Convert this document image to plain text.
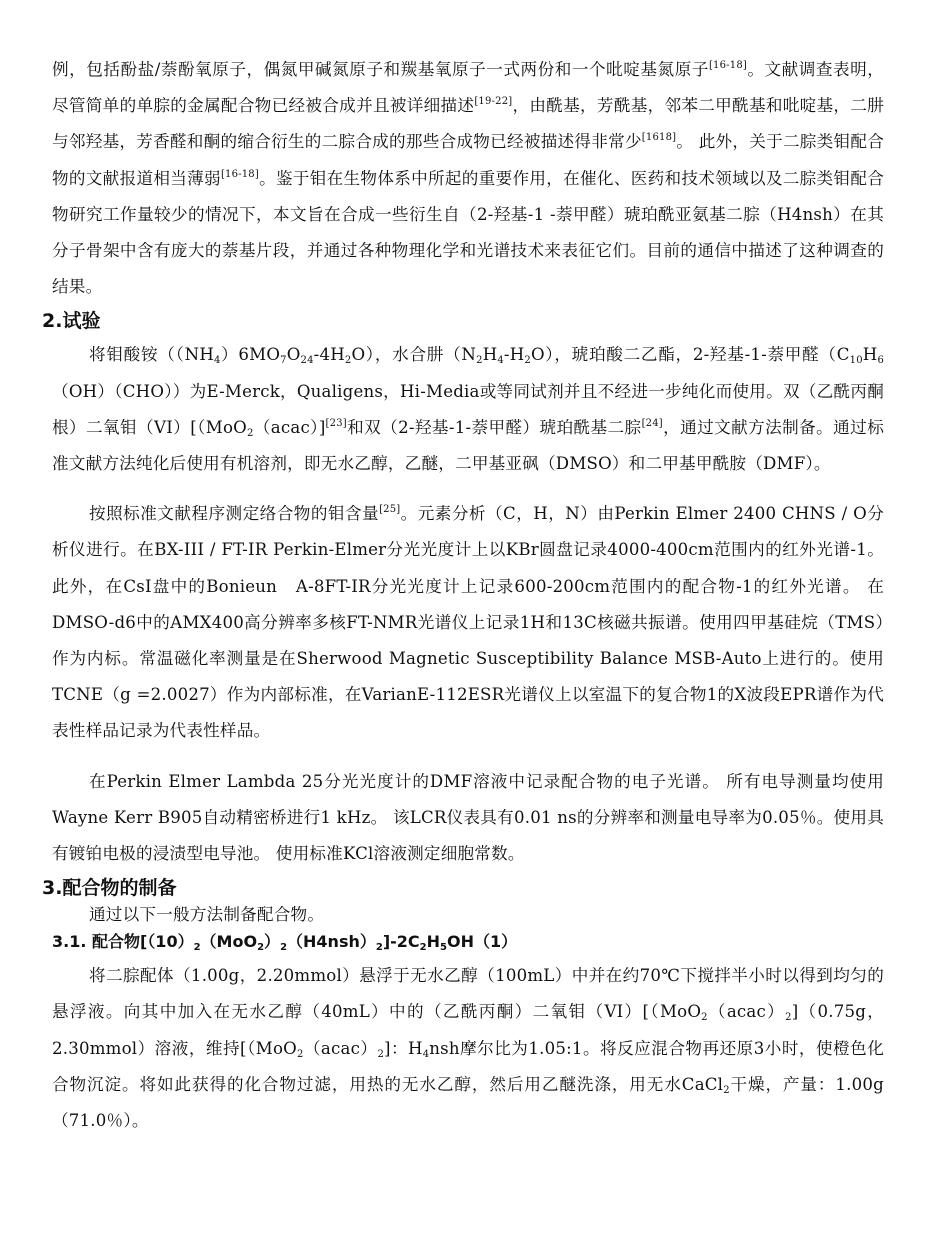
例，包括酚盐/萘酚氧原子，偶氮甲碱氮原子和羰基氧原子一式两份和一个吡啶基氮原子[16-18]。文献调查表明，尽管简单的单腙的金属配合物已经被合成并且被详细描述[19-22]，由酰基，芳酰基，邻苯二甲酰基和吡啶基，二肼与邻羟基，芳香醛和酮的缩合衍生的二腙合成的那些合成物已经被描述得非常少[1618]。 此外，关于二腙类钼配合物的文献报道相当薄弱[16-18]。鉴于钼在生物体系中所起的重要作用，在催化、医药和技术领域以及二腙类钼配合物研究工作量较少的情况下，本文旨在合成一些衍生自（2-羟基-1 -萘甲醛）琥珀酰亚氨基二腙（H4nsh）在其分子骨架中含有庞大的萘基片段，并通过各种物理化学和光谱技术来表征它们。目前的通信中描述了这种调查的结果。

2.试验

将钼酸铵$((NH_4)6MO_7O_{24}-4H_2O)$，水合肼$(N_2H_4-H_2O)$，琥珀酸二乙酯，2-羟基-1-萘甲醛$(C_{10}H_6(OH)(CHO))$为E-Merck，Qualigens，Hi-Media或等同试剂并且不经进一步纯化而使用。双（乙酰丙酮根）二氧钼（VI）[（MoO$_2$（acac）][23]和双（2-羟基-1-萘甲醛）琥珀酰基二腙[24]，通过文献方法制备。通过标准文献方法纯化后使用有机溶剂，即无水乙醇，乙醚，二甲基亚砜（DMSO）和二甲基甲酰胺（DMF）。

按照标准文献程序测定络合物的钼含量[25]。元素分析（C，H，N）由Perkin Elmer 2400 CHNS / O分析仪进行。在BX-III / FT-IR Perkin-Elmer分光光度计上以KBr圆盘记录4000-400cm范围内的红外光谱-1。此外，在CsI盘中的Bonieun　A-8FT-IR分光光度计上记录600-200cm范围内的配合物-1的红外光谱。 在DMSO-d6中的AMX400高分辨率多核FT-NMR光谱仪上记录1H和13C核磁共振谱。使用四甲基硅烷（TMS）作为内标。常温磁化率测量是在Sherwood Magnetic Susceptibility Balance MSB-Auto上进行的。使用TCNE（g =2.0027）作为内部标准，在VarianE-112ESR光谱仪上以室温下的复合物1的X波段EPR谱作为代表性样品记录为代表性样品。

在Perkin Elmer Lambda 25分光光度计的DMF溶液中记录配合物的电子光谱。 所有电导测量均使用Wayne Kerr B905自动精密桥进行1 kHz。 该LCR仪表具有0.01 ns的分辨率和测量电导率为0.05％。使用具有镀铂电极的浸渍型电导池。 使用标准KCl溶液测定细胞常数。

3.配合物的制备

通过以下一般方法制备配合物。

3.1. 配合物$[(10)_2(MoO_2)_2(H4nsh)_2]-2C_2H_5OH(1)$

将二腙配体（1.00g，2.20mmol）悬浮于无水乙醇（100mL）中并在约70℃下搅拌半小时以得到均匀的悬浮液。向其中加入在无水乙醇（40mL）中的（乙酰丙酮）二氧钼$(VI)[(MoO_2(acac)_2](0.75g$，2.30mmol）溶液，维持[$(MoO_2(acac)_2]$：$H_4nsh$摩尔比为1.05:1。将反应混合物再还原3小时，使橙色化合物沉淀。将如此获得的化合物过滤，用热的无水乙醇，然后用乙醚洗涤，用无水CaCl$_2$干燥，产量：1.00g（71.0％）。
